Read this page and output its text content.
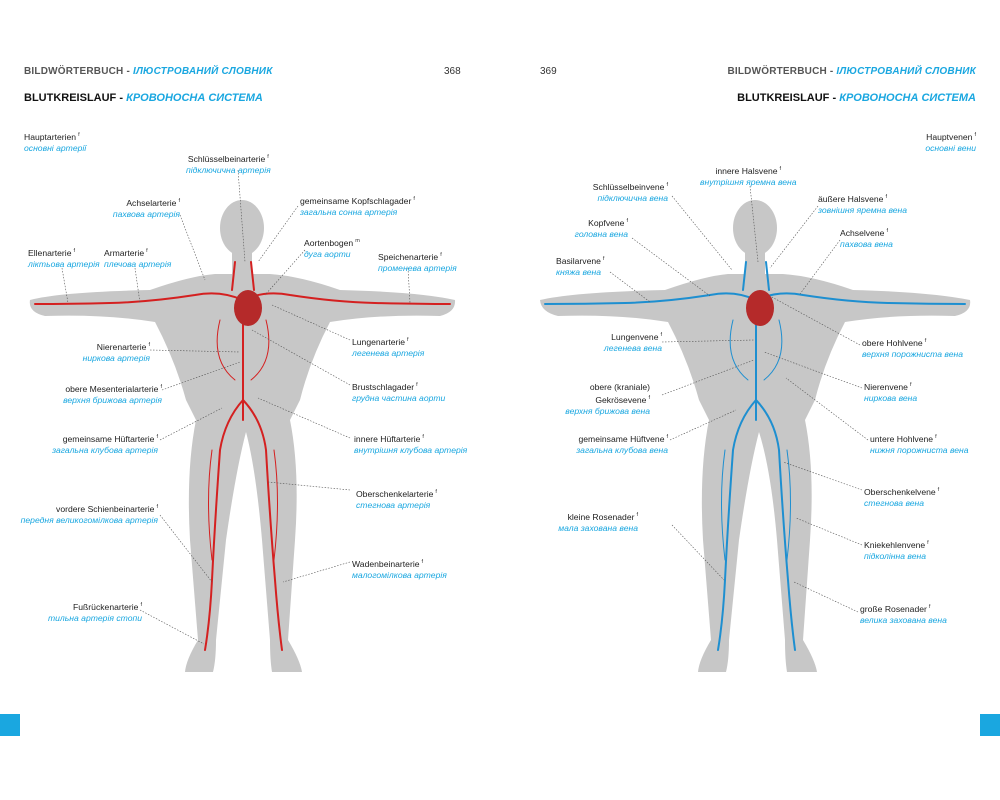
BILDWÖRTERBUCH - ІЛЮСТРОВАНИЙ СЛОВНИК	368
BLUTKREISLAUF - КРОВОНОСНА СИСТЕМА
Hauptarterien $^f$
основні артерії
Schlüsselbeinarterie $^f$
підключична артерія
Achselarterie $^f$
пахвова артерія
gemeinsame Kopfschlagader $^f$
загальна сонна артерія
Aortenbogen $^m$
дуга аорти
Ellenarterie $^f$
ліктьова артерія
Armarterie $^f$
плечова артерія
Speichenarterie $^f$
променева артерія
Nierenarterie $^f$
ниркова артерія
Lungenarterie $^f$
легенева артерія
obere Mesenterialarterie $^f$
верхня брижова артерія
Brustschlagader $^f$
грудна частина аорти
gemeinsame Hüftarterie $^f$
загальна клубова артерія
innere Hüftarterie $^f$
внутрішня клубова артерія
Oberschenkelarterie $^f$
стегнова артерія
vordere Schienbeinarterie $^f$
передня великогомілкова артерія
Wadenbeinarterie $^f$
малогомілкова артерія
Fußrückenarterie $^f$
тильна артерія стопи
369	BILDWÖRTERBUCH - ІЛЮСТРОВАНИЙ СЛОВНИК
BLUTKREISLAUF - КРОВОНОСНА СИСТЕМА
Hauptvenen $^f$
основні вени
innere Halsvene $^f$
внутрішня яремна вена
Schlüsselbeinvene $^f$
підключична вена	äußere Halsvene $^f$
зовнішня яремна вена
Kopfvene $^f$
головна вена	Achselvene $^f$
пахвова вена
Basilarvene $^f$
княжа вена
Lungenvene $^f$
легенева вена	obere Hohlvene $^f$
верхня порожниста вена
obere (kraniale) Gekrösevene $^f$
верхня брижова вена
Nierenvene $^f$
ниркова вена
gemeinsame Hüftvene $^f$
загальна клубова вена
untere Hohlvene $^f$
нижня порожниста вена
Oberschenkelvene $^f$
стегнова вена
kleine Rosenader $^f$
мала захована вена
Kniekehlenvene $^f$
підколінна вена
große Rosenader $^f$
велика захована вена
